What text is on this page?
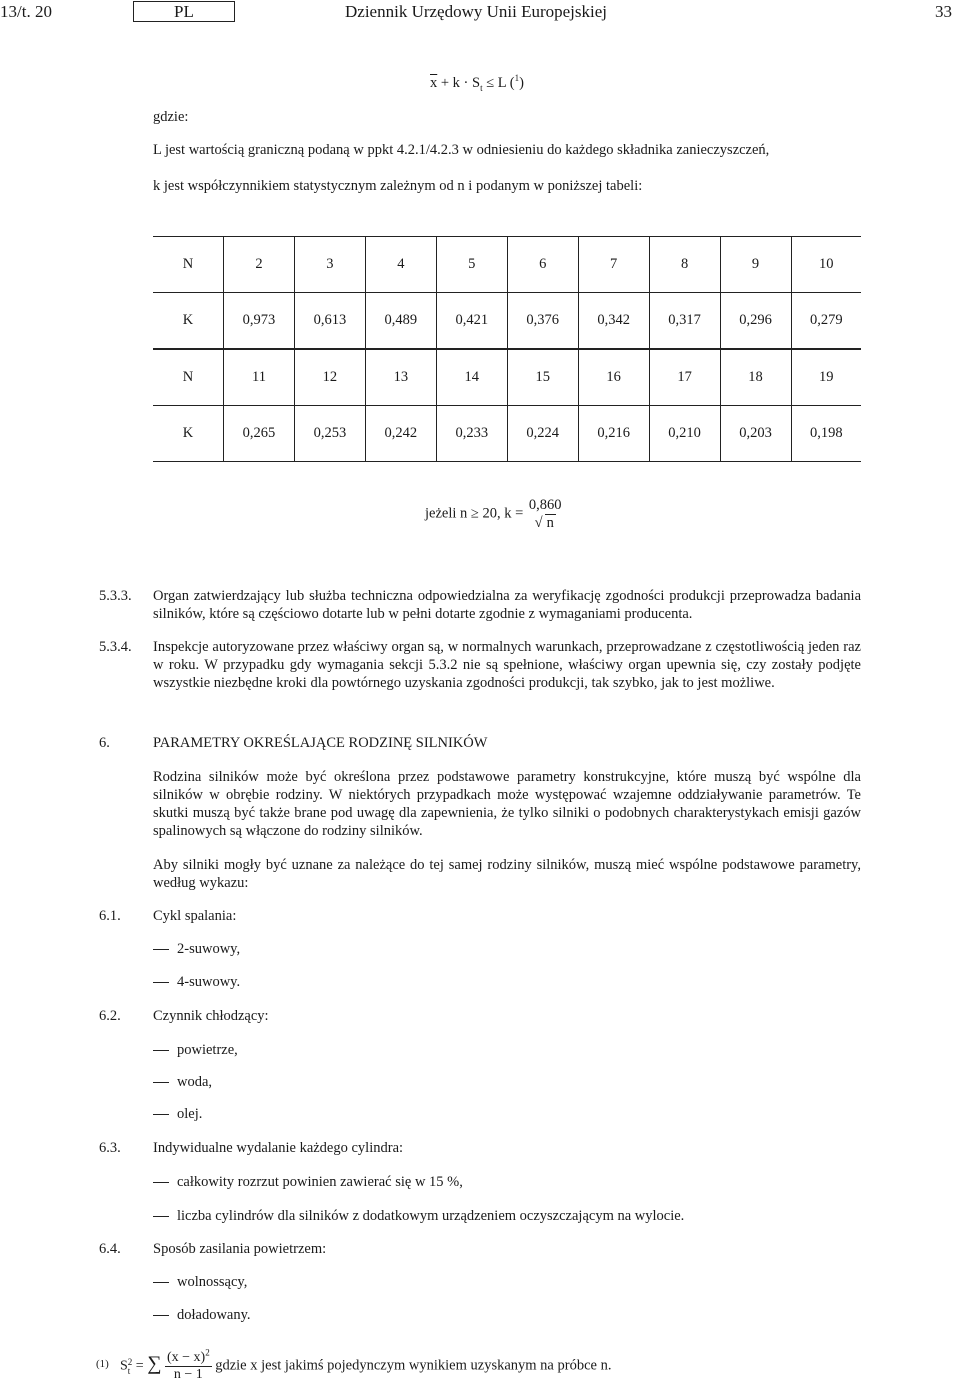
13/t. 20	PL	Dziennik Urzędowy Unii Europejskiej	33
$\overline{x} + k \cdot S_t \le L$ ($^1$)
gdzie:
L jest wartością graniczną podaną w ppkt 4.2.1/4.2.3 w odniesieniu do każdego składnika zanieczyszczeń,
k jest współczynnikiem statystycznym zależnym od n i podanym w poniższej tabeli:
N	2	3	4	5	6	7	8	9	10
K	0,973	0,613	0,489	0,421	0,376	0,342	0,317	0,296	0,279
N	11	12	13	14	15	16	17	18	19
K	0,265	0,253	0,242	0,233	0,224	0,216	0,210	0,203	0,198
jeżeli n ≥ 20, k =
0,860
√ n
5.3.3. Organ zatwierdzający lub służba techniczna odpowiedzialna za weryfikację zgodności produkcji przeprowadza badania silników, które są częściowo dotarte lub w pełni dotarte zgodnie z wymaganiami producenta.
5.3.4. Inspekcje autoryzowane przez właściwy organ są, w normalnych warunkach, przeprowadzane z częstotliwością jeden raz w roku. W przypadku gdy wymagania sekcji 5.3.2 nie są spełnione, właściwy organ upewnia się, czy zostały podjęte wszystkie niezbędne kroki dla powtórnego uzyskania zgodności produkcji, tak szybko, jak to jest możliwe.
6.	PARAMETRY OKREŚLAJĄCE RODZINĘ SILNIKÓW
Rodzina silników może być określona przez podstawowe parametry konstrukcyjne, które muszą być wspólne dla silników w obrębie rodziny. W niektórych przypadkach może występować wzajemne oddziaływanie parametrów. Te skutki muszą być także brane pod uwagę dla zapewnienia, że tylko silniki o podobnych charakterystykach emisji gazów spalinowych są włączone do rodziny silników.
Aby silniki mogły być uznane za należące do tej samej rodziny silników, muszą mieć wspólne podstawowe parametry, według wykazu:
6.1. Cykl spalania:
2-suwowy,
4-suwowy.
6.2. Czynnik chłodzący:
powietrze,
woda,
olej.
6.3. Indywidualne wydalanie każdego cylindra:
całkowity rozrzut powinien zawierać się w 15 %,
liczba cylindrów dla silników z dodatkowym urządzeniem oczyszczającym na wylocie.
6.4. Sposób zasilania powietrzem:
wolnossący,
doładowany.
(1) S 2
t = ∑ $\frac{(x - x)^2}{n - 1}$ gdzie x jest jakimś pojedynczym wynikiem uzyskanym na próbce n.
